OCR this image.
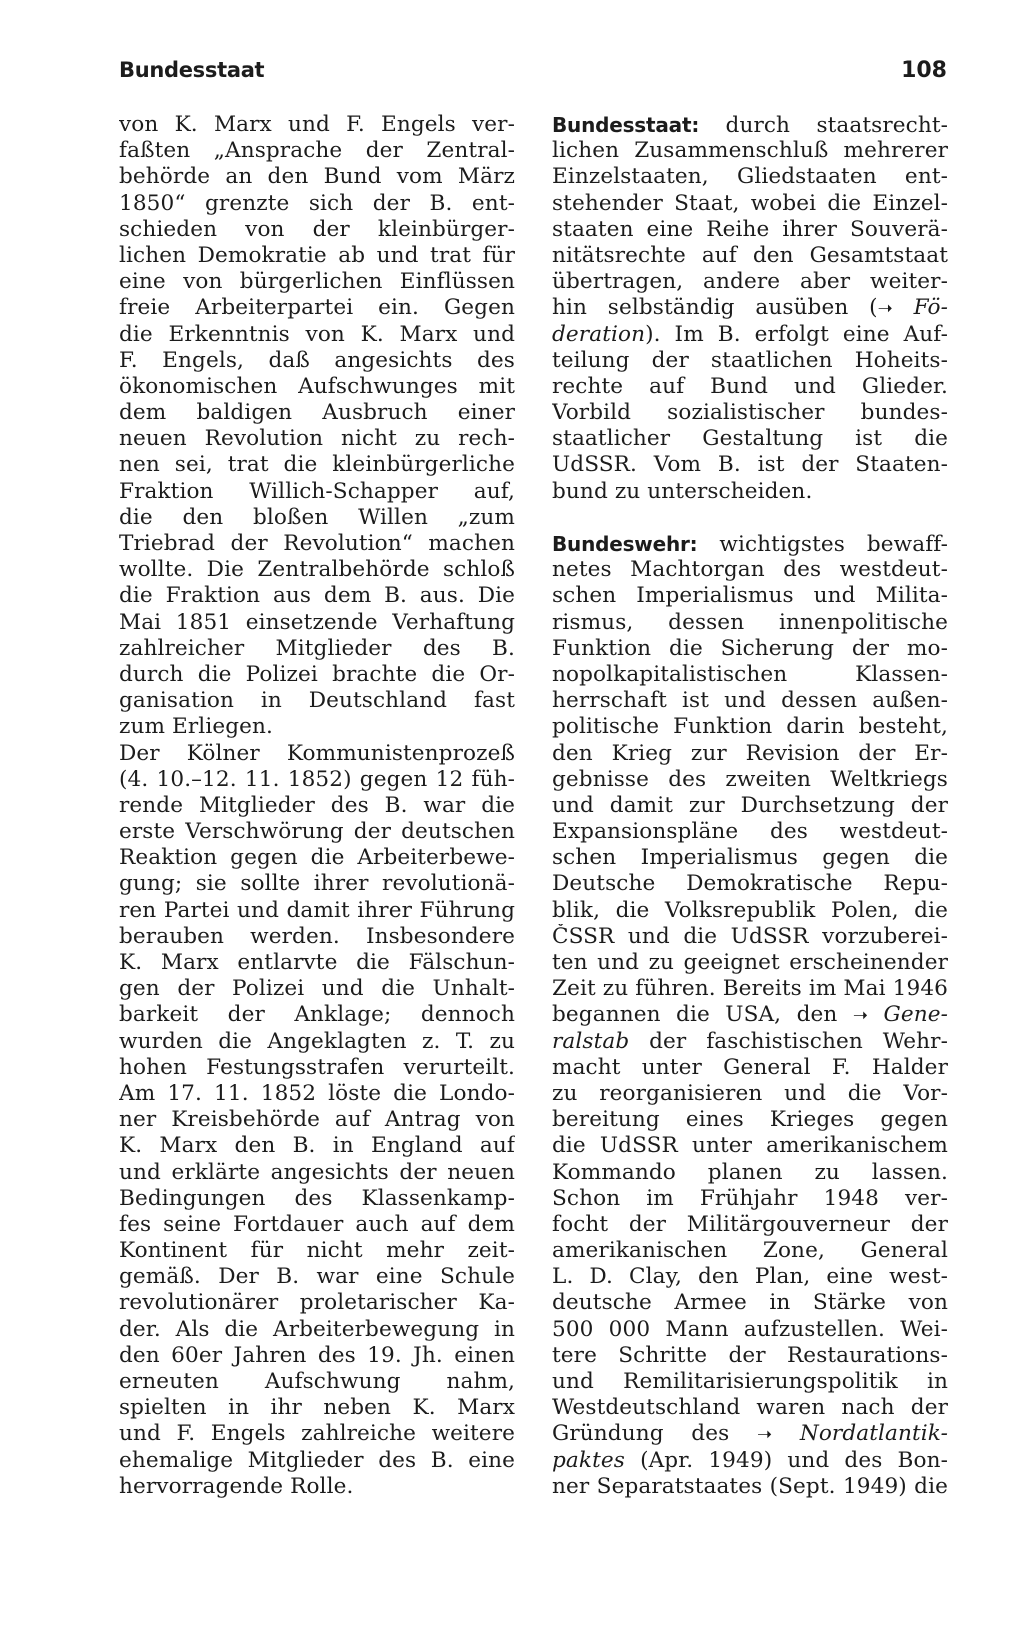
Bundesstaat	108
von K. Marx und F. Engels ver-
faßten „Ansprache der Zentral-
behörde an den Bund vom März
1850“ grenzte sich der B. ent-
schieden von der kleinbürger-
lichen Demokratie ab und trat für
eine von bürgerlichen Einflüssen
freie Arbeiterpartei ein. Gegen
die Erkenntnis von K. Marx und
F. Engels, daß angesichts des
ökonomischen Aufschwunges mit
dem baldigen Ausbruch einer
neuen Revolution nicht zu rech-
nen sei, trat die kleinbürgerliche
Fraktion Willich-Schapper auf,
die den bloßen Willen „zum
Triebrad der Revolution“ machen
wollte. Die Zentralbehörde schloß
die Fraktion aus dem B. aus. Die
Mai 1851 einsetzende Verhaftung
zahlreicher Mitglieder des B.
durch die Polizei brachte die Or-
ganisation in Deutschland fast
zum Erliegen.
Der Kölner Kommunistenprozeß
(4. 10.–12. 11. 1852) gegen 12 füh-
rende Mitglieder des B. war die
erste Verschwörung der deutschen
Reaktion gegen die Arbeiterbewe-
gung; sie sollte ihrer revolutionä-
ren Partei und damit ihrer Führung
berauben werden. Insbesondere
K. Marx entlarvte die Fälschun-
gen der Polizei und die Unhalt-
barkeit der Anklage; dennoch
wurden die Angeklagten z. T. zu
hohen Festungsstrafen verurteilt.
Am 17. 11. 1852 löste die Londo-
ner Kreisbehörde auf Antrag von
K. Marx den B. in England auf
und erklärte angesichts der neuen
Bedingungen des Klassenkamp-
fes seine Fortdauer auch auf dem
Kontinent für nicht mehr zeit-
gemäß. Der B. war eine Schule
revolutionärer proletarischer Ka-
der. Als die Arbeiterbewegung in
den 60er Jahren des 19. Jh. einen
erneuten Aufschwung nahm,
spielten in ihr neben K. Marx
und F. Engels zahlreiche weitere
ehemalige Mitglieder des B. eine
hervorragende Rolle.
Bundesstaat: durch staatsrecht-
lichen Zusammenschluß mehrerer
Einzelstaaten, Gliedstaaten ent-
stehender Staat, wobei die Einzel-
staaten eine Reihe ihrer Souverä-
nitätsrechte auf den Gesamtstaat
übertragen, andere aber weiter-
hin selbständig ausüben (➝ Fö-
deration). Im B. erfolgt eine Auf-
teilung der staatlichen Hoheits-
rechte auf Bund und Glieder.
Vorbild sozialistischer bundes-
staatlicher Gestaltung ist die
UdSSR. Vom B. ist der Staaten-
bund zu unterscheiden.
Bundeswehr: wichtigstes bewaff-
netes Machtorgan des westdeut-
schen Imperialismus und Milita-
rismus, dessen innenpolitische
Funktion die Sicherung der mo-
nopolkapitalistischen Klassen-
herrschaft ist und dessen außen-
politische Funktion darin besteht,
den Krieg zur Revision der Er-
gebnisse des zweiten Weltkriegs
und damit zur Durchsetzung der
Expansionspläne des westdeut-
schen Imperialismus gegen die
Deutsche Demokratische Repu-
blik, die Volksrepublik Polen, die
ČSSR und die UdSSR vorzuberei-
ten und zu geeignet erscheinender
Zeit zu führen. Bereits im Mai 1946
begannen die USA, den ➝ Gene-
ralstab der faschistischen Wehr-
macht unter General F. Halder
zu reorganisieren und die Vor-
bereitung eines Krieges gegen
die UdSSR unter amerikanischem
Kommando planen zu lassen.
Schon im Frühjahr 1948 ver-
focht der Militärgouverneur der
amerikanischen Zone, General
L. D. Clay, den Plan, eine west-
deutsche Armee in Stärke von
500 000 Mann aufzustellen. Wei-
tere Schritte der Restaurations-
und Remilitarisierungspolitik in
Westdeutschland waren nach der
Gründung des ➝ Nordatlantik-
paktes (Apr. 1949) und des Bon-
ner Separatstaates (Sept. 1949) die
